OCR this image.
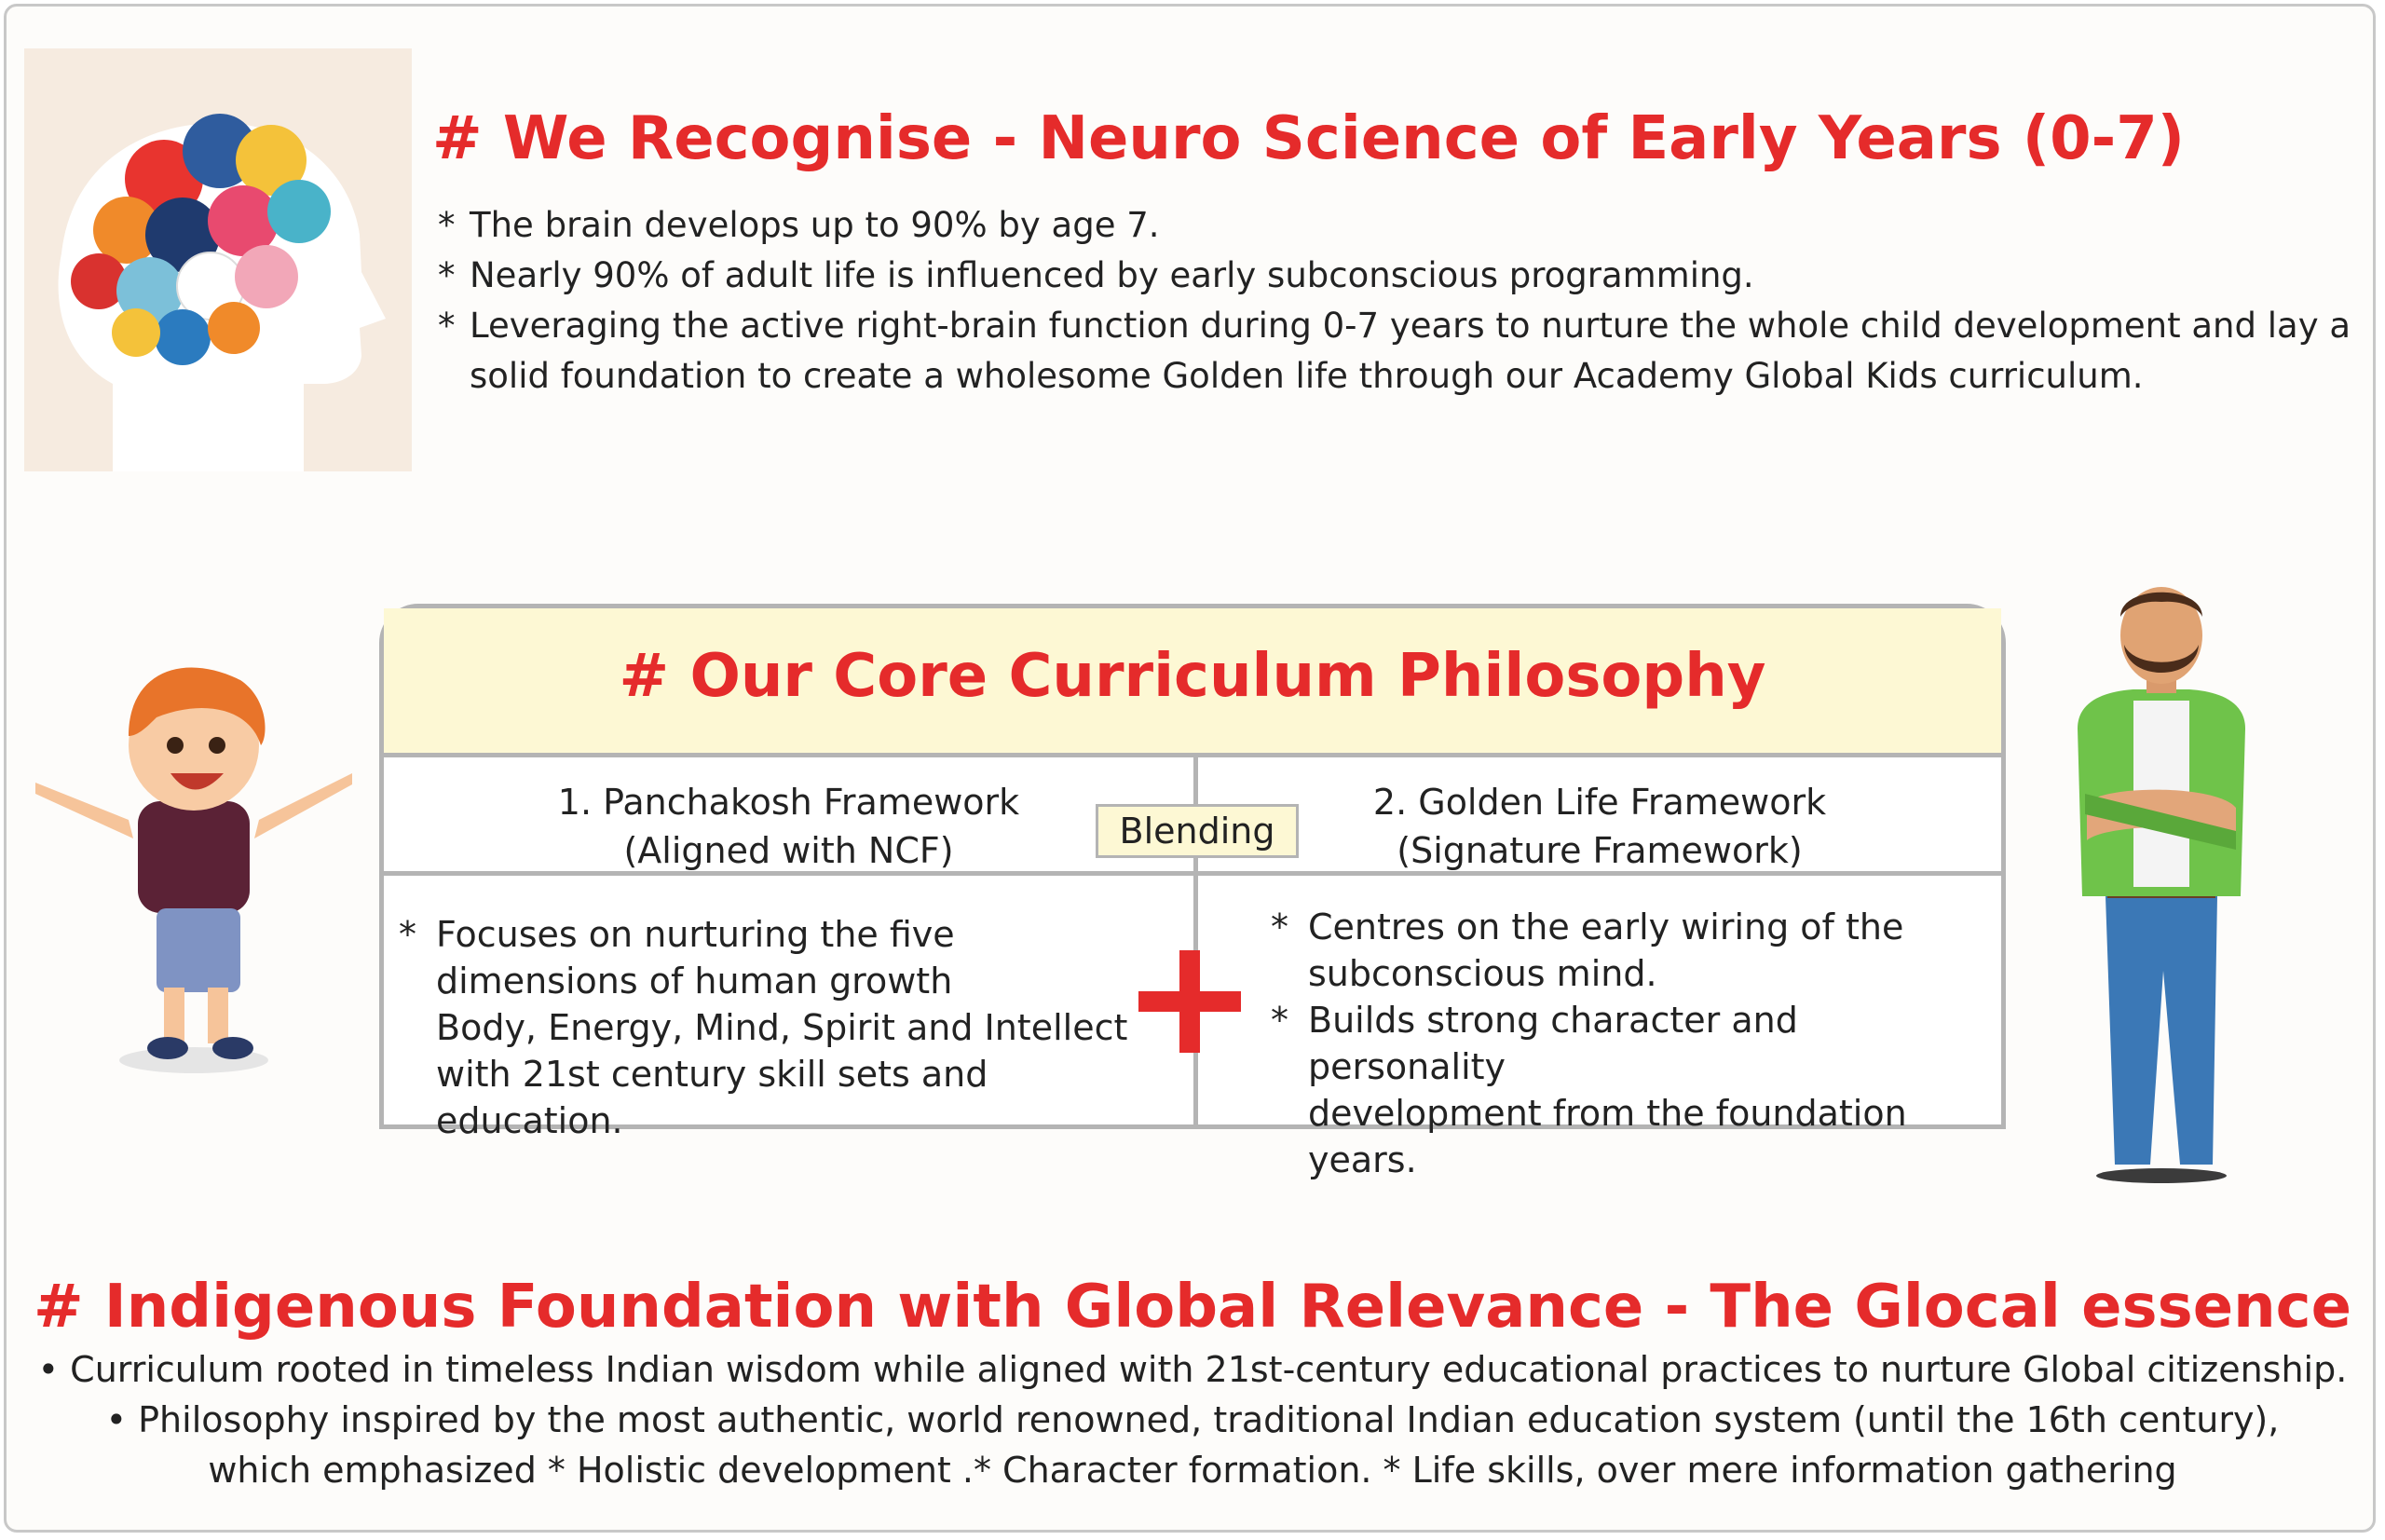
# We Recognise - Neuro Science of Early Years (0-7)
* The brain develops up to 90% by age 7.
* Nearly 90% of adult life is influenced by early subconscious programming.
* Leveraging the active right-brain function during 0-7 years to nurture the whole child development and lay a
solid foundation to create a wholesome Golden life through our Academy Global Kids curriculum.
# Our Core Curriculum Philosophy
1. Panchakosh Framework
(Aligned with NCF)
2. Golden Life Framework
(Signature Framework)
Blending
* Focuses on nurturing the five
dimensions of human growth
Body, Energy, Mind, Spirit and Intellect
with 21st century skill sets and education.
* Centres on the early wiring of the
subconscious mind.
* Builds strong character and personality
development from the foundation years.
# Indigenous Foundation with Global Relevance - The Glocal essence
• Curriculum rooted in timeless Indian wisdom while aligned with 21st-century educational practices to nurture Global citizenship.
• Philosophy inspired by the most authentic, world renowned, traditional Indian education system (until the 16th century),
which emphasized * Holistic development .* Character formation. * Life skills, over mere information gathering
